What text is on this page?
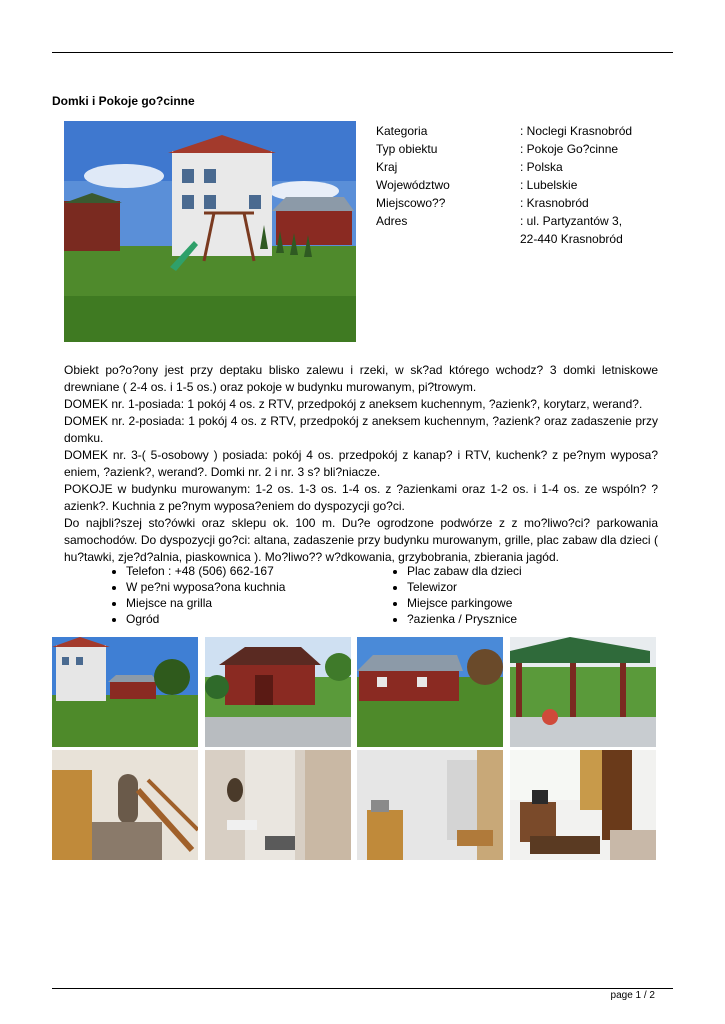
Domki i Pokoje go?cinne
Kategoria	: Noclegi Krasnobród
Typ obiektu	: Pokoje Go?cinne
Kraj	: Polska
Województwo	: Lubelskie
Miejscowo??	: Krasnobród
Adres	: ul. Partyzantów 3,
22-440 Krasnobród

Obiekt po?o?ony jest przy deptaku blisko zalewu i rzeki, w sk?ad którego wchodz? 3 domki letniskowe drewniane ( 2-4 os. i 1-5 os.) oraz pokoje w budynku murowanym, pi?trowym.

DOMEK nr. 1-posiada: 1 pokój 4 os. z RTV, przedpokój z aneksem kuchennym, ?azienk?, korytarz, werand?.

DOMEK nr. 2-posiada: 1 pokój 4 os. z RTV, przedpokój z aneksem kuchennym, ?azienk? oraz zadaszenie przy domku.

DOMEK nr. 3-( 5-osobowy ) posiada: pokój 4 os. przedpokój z kanap? i RTV, kuchenk? z pe?nym wyposa?eniem, ?azienk?, werand?. Domki nr. 2 i nr. 3 s? bli?niacze.

POKOJE w budynku murowanym: 1-2 os. 1-3 os. 1-4 os. z ?azienkami oraz 1-2 os. i 1-4 os. ze wspóln? ?azienk?. Kuchnia z pe?nym wyposa?eniem do dyspozycji go?ci.

Do najbli?szej sto?ówki oraz sklepu ok. 100 m. Du?e ogrodzone podwórze z z mo?liwo?ci? parkowania samochodów. Do dyspozycji go?ci: altana, zadaszenie przy budynku murowanym, grille, plac zabaw dla dzieci ( hu?tawki, zje?d?alnia, piaskownica ). Mo?liwo?? w?dkowania, grzybobrania, zbierania jagód.

• Telefon : +48 (506) 662-167
• W pe?ni wyposa?ona kuchnia
• Miejsce na grilla
• Ogród
• Plac zabaw dla dzieci
• Telewizor
• Miejsce parkingowe
• ?azienka / Prysznice
page 1 / 2
